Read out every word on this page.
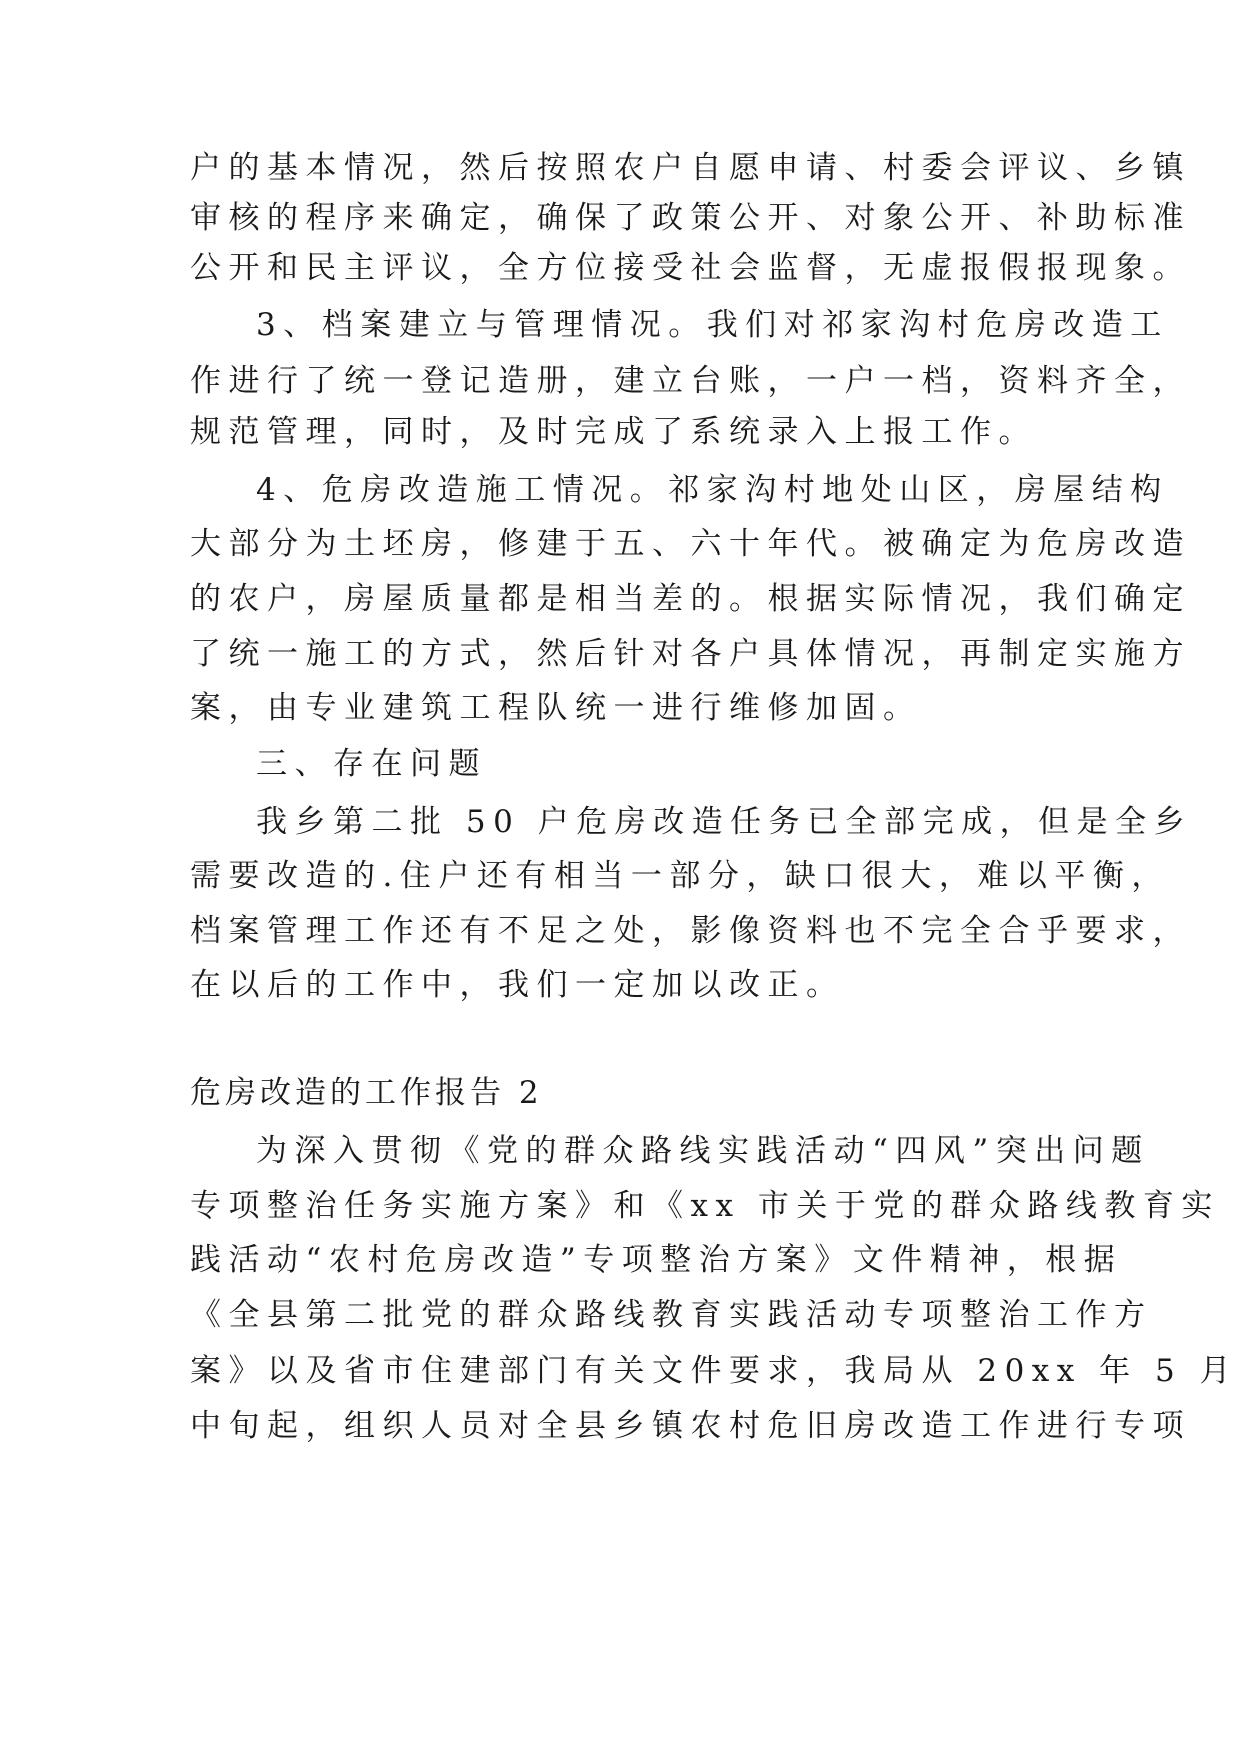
户的基本情况，然后按照农户自愿申请、村委会评议、乡镇
审核的程序来确定，确保了政策公开、对象公开、补助标准
公开和民主评议，全方位接受社会监督，无虚报假报现象。
3、档案建立与管理情况。我们对祁家沟村危房改造工
作进行了统一登记造册，建立台账，一户一档，资料齐全，
规范管理，同时，及时完成了系统录入上报工作。
4、危房改造施工情况。祁家沟村地处山区，房屋结构
大部分为土坯房，修建于五、六十年代。被确定为危房改造
的农户，房屋质量都是相当差的。根据实际情况，我们确定
了统一施工的方式，然后针对各户具体情况，再制定实施方
案，由专业建筑工程队统一进行维修加固。
三、存在问题
我乡第二批 50 户危房改造任务已全部完成，但是全乡
需要改造的.住户还有相当一部分，缺口很大，难以平衡，
档案管理工作还有不足之处，影像资料也不完全合乎要求，
在以后的工作中，我们一定加以改正。
危房改造的工作报告 2
为深入贯彻《党的群众路线实践活动“四风”突出问题
专项整治任务实施方案》和《xx 市关于党的群众路线教育实
践活动“农村危房改造”专项整治方案》文件精神，根据
《全县第二批党的群众路线教育实践活动专项整治工作方
案》以及省市住建部门有关文件要求，我局从 20xx 年 5 月
中旬起，组织人员对全县乡镇农村危旧房改造工作进行专项
